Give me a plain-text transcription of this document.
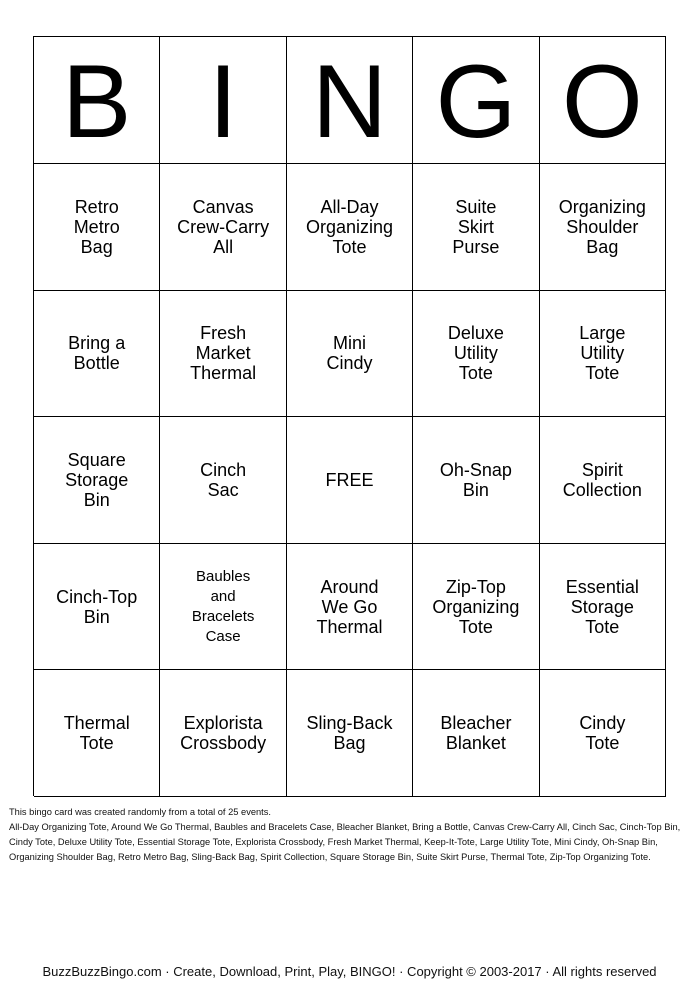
B I N G O
Retro
Metro
Bag
Canvas
Crew-Carry
All
All-Day
Organizing
Tote
Suite
Skirt
Purse
Organizing
Shoulder
Bag
Bring a
Bottle
Fresh
Market
Thermal
Mini
Cindy
Deluxe
Utility
Tote
Large
Utility
Tote
Square
Storage
Bin
Cinch
Sac	FREE	Oh-Snap
Bin
Spirit
Collection
Cinch-Top
Bin
Baubles
and
Bracelets
Case
Around
We Go
Thermal
Zip-Top
Organizing
Tote
Essential
Storage
Tote
Thermal
Tote
Explorista
Crossbody
Sling-Back
Bag
Bleacher
Blanket
Cindy
Tote

This bingo card was created randomly from a total of 25 events.

All-Day Organizing Tote, Around We Go Thermal, Baubles and Bracelets Case, Bleacher Blanket, Bring a Bottle, Canvas Crew-Carry All, Cinch Sac, Cinch-Top Bin, Cindy Tote, Deluxe Utility Tote, Essential Storage Tote, Explorista Crossbody, Fresh Market Thermal, Keep-It-Tote, Large Utility Tote, Mini Cindy, Oh-Snap Bin, Organizing Shoulder Bag, Retro Metro Bag, Sling-Back Bag, Spirit Collection, Square Storage Bin, Suite Skirt Purse, Thermal Tote, Zip-Top Organizing Tote.

BuzzBuzzBingo.com · Create, Download, Print, Play, BINGO! · Copyright © 2003-2017 · All rights reserved
